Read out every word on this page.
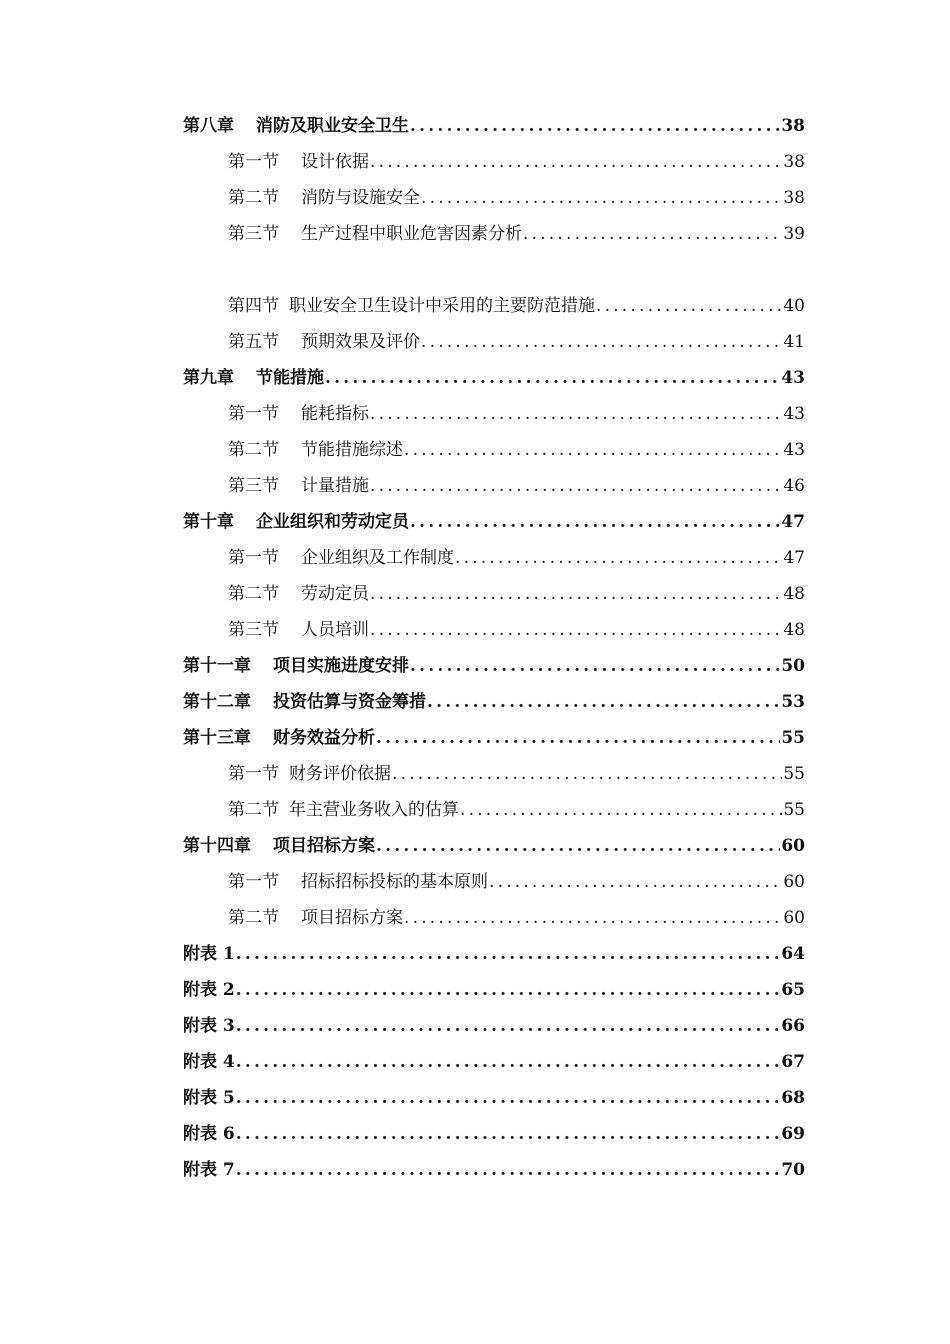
第八章 消防及职业安全卫生 .....	38
第一节 设计依据 .....	38
第二节 消防与设施安全 .....	38
第三节 生产过程中职业危害因素分析 .....	39
第四节 职业安全卫生设计中采用的主要防范措施 .....	40
第五节 预期效果及评价 .....	41
第九章 节能措施 .....	43
第一节 能耗指标 .....	43
第二节 节能措施综述 .....	43
第三节 计量措施 .....	46
第十章 企业组织和劳动定员 .....	47
第一节 企业组织及工作制度 .....	47
第二节 劳动定员 .....	48
第三节 人员培训 .....	48
第十一章 项目实施进度安排 .....	50
第十二章 投资估算与资金筹措 .....	53
第十三章 财务效益分析 .....	55
第一节 财务评价依据 .....	55
第二节 年主营业务收入的估算 .....	55
第十四章 项目招标方案 .....	60
第一节 招标招标投标的基本原则 .....	60
第二节 项目招标方案 .....	60
附表 1 .....	64
附表 2 .....	65
附表 3 .....	66
附表 4 .....	67
附表 5 .....	68
附表 6 .....	69
附表 7 .....	70
